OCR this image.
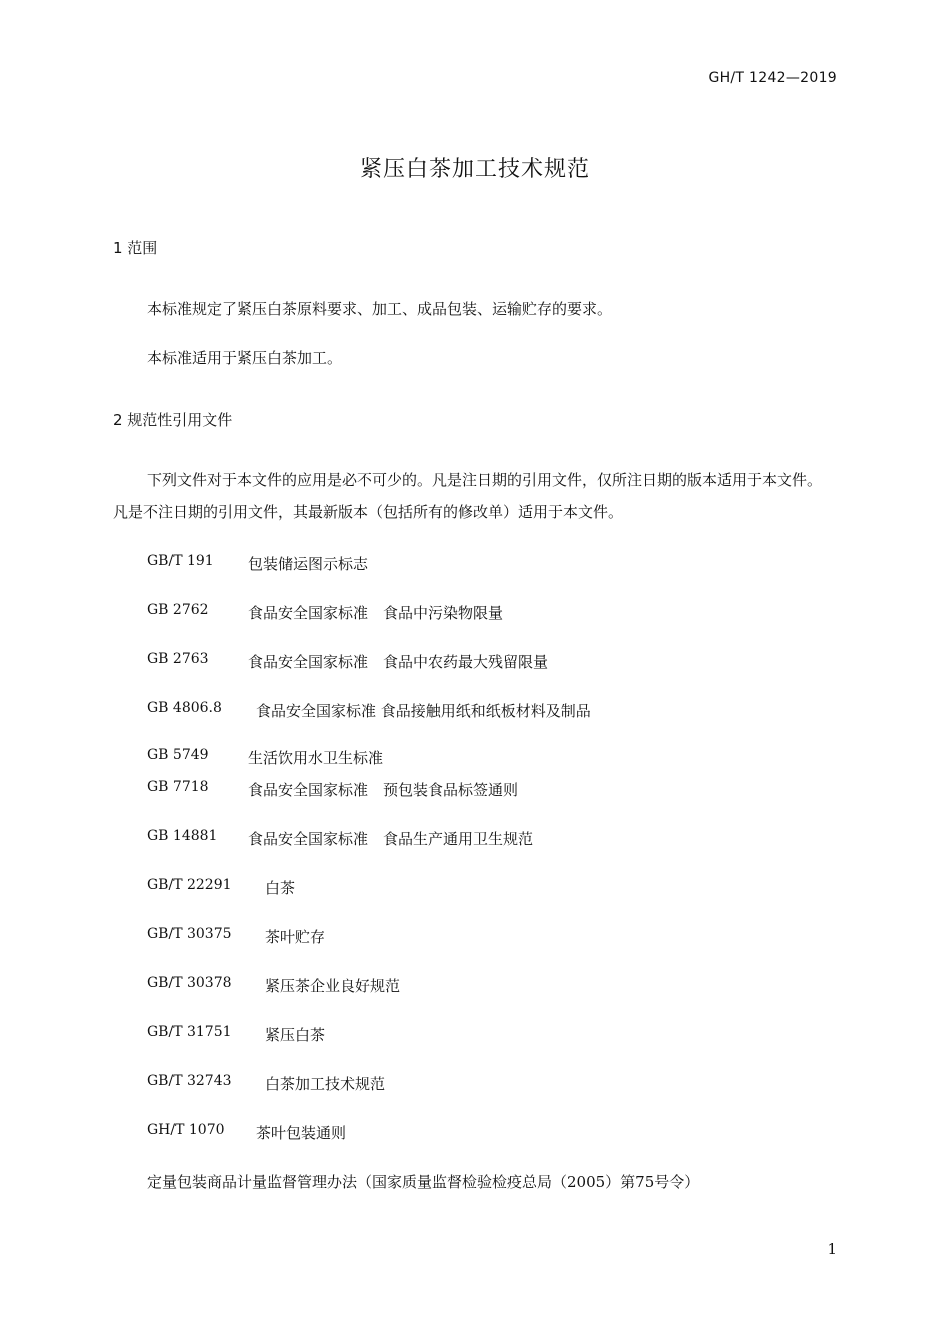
GH/T 1242—2019
紧压白茶加工技术规范
1 范围
本标准规定了紧压白茶原料要求、加工、成品包装、运输贮存的要求。
本标准适用于紧压白茶加工。
2 规范性引用文件
下列文件对于本文件的应用是必不可少的。凡是注日期的引用文件，仅所注日期的版本适用于本文件。凡是不注日期的引用文件，其最新版本（包括所有的修改单）适用于本文件。
GB/T 191 包装储运图示标志
GB 2762	食品安全国家标准　食品中污染物限量
GB 2763	食品安全国家标准　食品中农药最大残留限量
GB 4806.8 食品安全国家标准 食品接触用纸和纸板材料及制品
GB 5749	生活饮用水卫生标准
GB 7718	食品安全国家标准　预包装食品标签通则
GB 14881 食品安全国家标准　食品生产通用卫生规范
GB/T 22291 白茶
GB/T 30375 茶叶贮存
GB/T 30378 紧压茶企业良好规范
GB/T 31751 紧压白茶
GB/T 32743 白茶加工技术规范
GH/T 1070 茶叶包装通则
定量包装商品计量监督管理办法（国家质量监督检验检疫总局（2005）第75号令）
1
